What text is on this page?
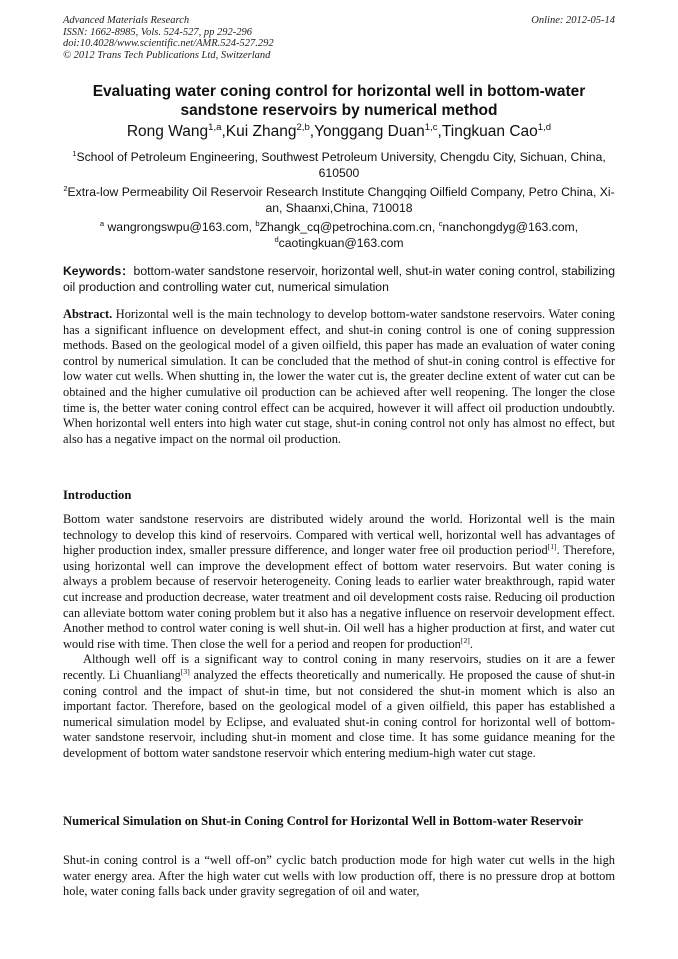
Advanced Materials Research
ISSN: 1662-8985, Vols. 524-527, pp 292-296
doi:10.4028/www.scientific.net/AMR.524-527.292
© 2012 Trans Tech Publications Ltd, Switzerland
Online: 2012-05-14
Evaluating water coning control for horizontal well in bottom-water sandstone reservoirs by numerical method
Rong Wang$^{1,a}$,Kui Zhang$^{2,b}$,Yonggang Duan$^{1,c}$,Tingkuan Cao$^{1,d}$
$^1$School of Petroleum Engineering, Southwest Petroleum University, Chengdu City, Sichuan, China, 610500
$^2$Extra-low Permeability Oil Reservoir Research Institute Changqing Oilfield Company, Petro China, Xi-an, Shaanxi,China, 710018
$^a$ wangrongswpu@163.com, $^b$Zhangk_cq@petrochina.com.cn, $^c$nanchongdyg@163.com,
$^d$caotingkuan@163.com
Keywords：bottom-water sandstone reservoir, horizontal well, shut-in water coning control, stabilizing oil production and controlling water cut, numerical simulation
Abstract. Horizontal well is the main technology to develop bottom-water sandstone reservoirs. Water coning has a significant influence on development effect, and shut-in coning control is one of coning suppression methods. Based on the geological model of a given oilfield, this paper has made an evaluation of water coning control by numerical simulation. It can be concluded that the method of shut-in coning control is effective for low water cut wells. When shutting in, the lower the water cut is, the greater decline extent of water cut can be obtained and the higher cumulative oil production can be achieved after well reopening. The longer the close time is, the better water coning control effect can be acquired, however it will affect oil production undoubtly. When horizontal well enters into high water cut stage, shut-in coning control not only has almost no effect, but also has a negative impact on the normal oil production.
Introduction

Bottom water sandstone reservoirs are distributed widely around the world. Horizontal well is the main technology to develop this kind of reservoirs. Compared with vertical well, horizontal well has advantages of higher production index, smaller pressure difference, and longer water free oil production period[1]. Therefore, using horizontal well can improve the development effect of bottom water reservoirs. But water coning is always a problem because of reservoir heterogeneity. Coning leads to earlier water breakthrough, rapid water cut increase and production decrease, water treatment and oil development costs raise. Reducing oil production can alleviate bottom water coning problem but it also has a negative influence on reservoir development effect. Another method to control water coning is well shut-in. Oil well has a higher production at first, and water cut would rise with time. Then close the well for a period and reopen for production[2].

Although well off is a significant way to control coning in many reservoirs, studies on it are a fewer recently. Li Chuanliang[3] analyzed the effects theoretically and numerically. He proposed the cause of shut-in coning control and the impact of shut-in time, but not considered the shut-in moment which is also an important factor. Therefore, based on the geological model of a given oilfield, this paper has established a numerical simulation model by Eclipse, and evaluated shut-in coning control for horizontal well of bottom-water sandstone reservoir, including shut-in moment and close time. It has some guidance meaning for the development of bottom water sandstone reservoir which entering medium-high water cut stage.

Numerical Simulation on Shut-in Coning Control for Horizontal Well in Bottom-water Reservoir
Shut-in coning control is a “well off-on” cyclic batch production mode for high water cut wells in the high water energy area. After the high water cut wells with low production off, there is no pressure drop at bottom hole, water coning falls back under gravity segregation of oil and water,
